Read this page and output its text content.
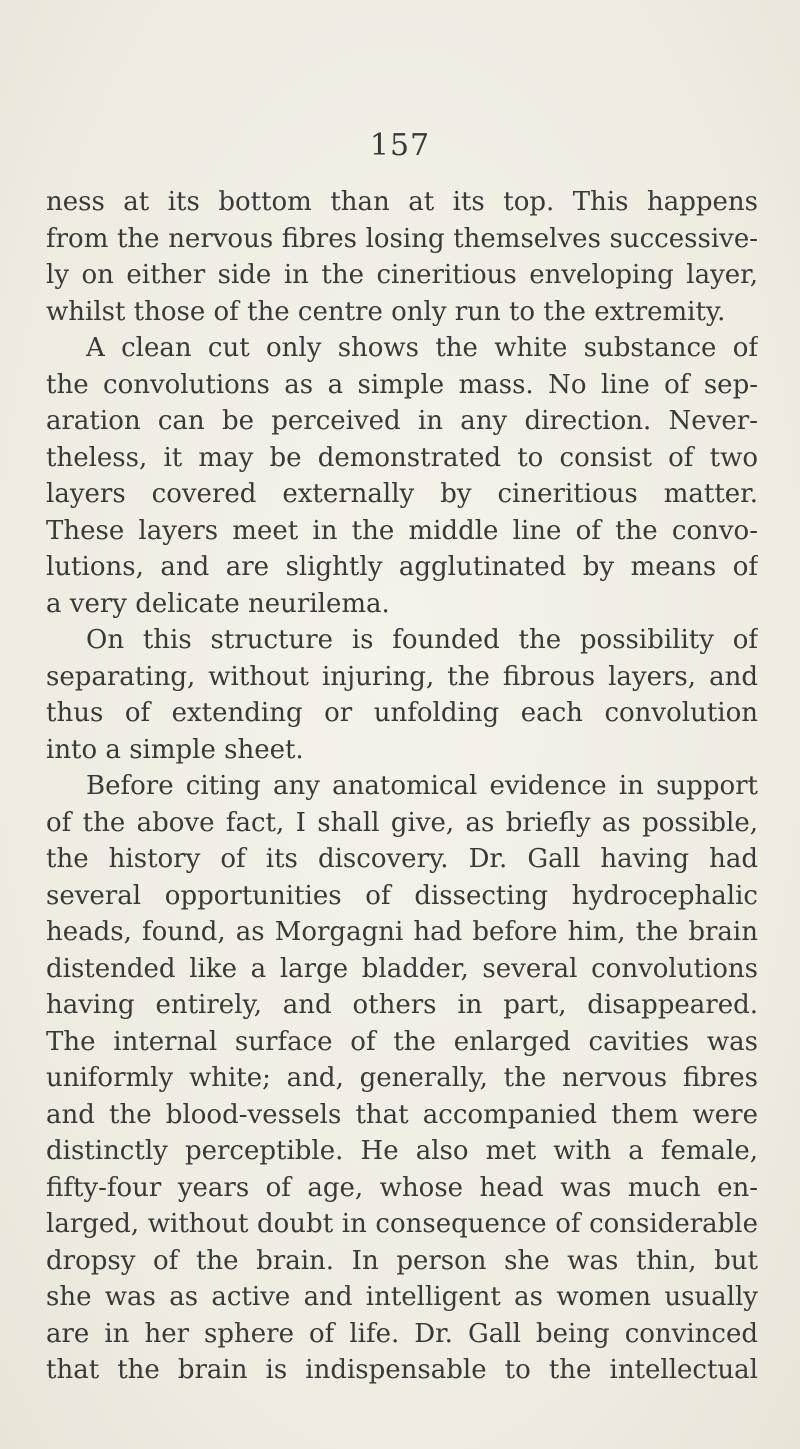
157
ness at its bottom than at its top. This happens
from the nervous fibres losing themselves successive-
ly on either side in the cineritious enveloping layer,
whilst those of the centre only run to the extremity.
A clean cut only shows the white substance of
the convolutions as a simple mass. No line of sep-
aration can be perceived in any direction. Never-
theless, it may be demonstrated to consist of two
layers covered externally by cineritious matter.
These layers meet in the middle line of the convo-
lutions, and are slightly agglutinated by means of
a very delicate neurilema.
On this structure is founded the possibility of
separating, without injuring, the fibrous layers, and
thus of extending or unfolding each convolution
into a simple sheet.
Before citing any anatomical evidence in support
of the above fact, I shall give, as briefly as possible,
the history of its discovery. Dr. Gall having had
several opportunities of dissecting hydrocephalic
heads, found, as Morgagni had before him, the brain
distended like a large bladder, several convolutions
having entirely, and others in part, disappeared.
The internal surface of the enlarged cavities was
uniformly white; and, generally, the nervous fibres
and the blood-vessels that accompanied them were
distinctly perceptible. He also met with a female,
fifty-four years of age, whose head was much en-
larged, without doubt in consequence of considerable
dropsy of the brain. In person she was thin, but
she was as active and intelligent as women usually
are in her sphere of life. Dr. Gall being convinced
that the brain is indispensable to the intellectual
